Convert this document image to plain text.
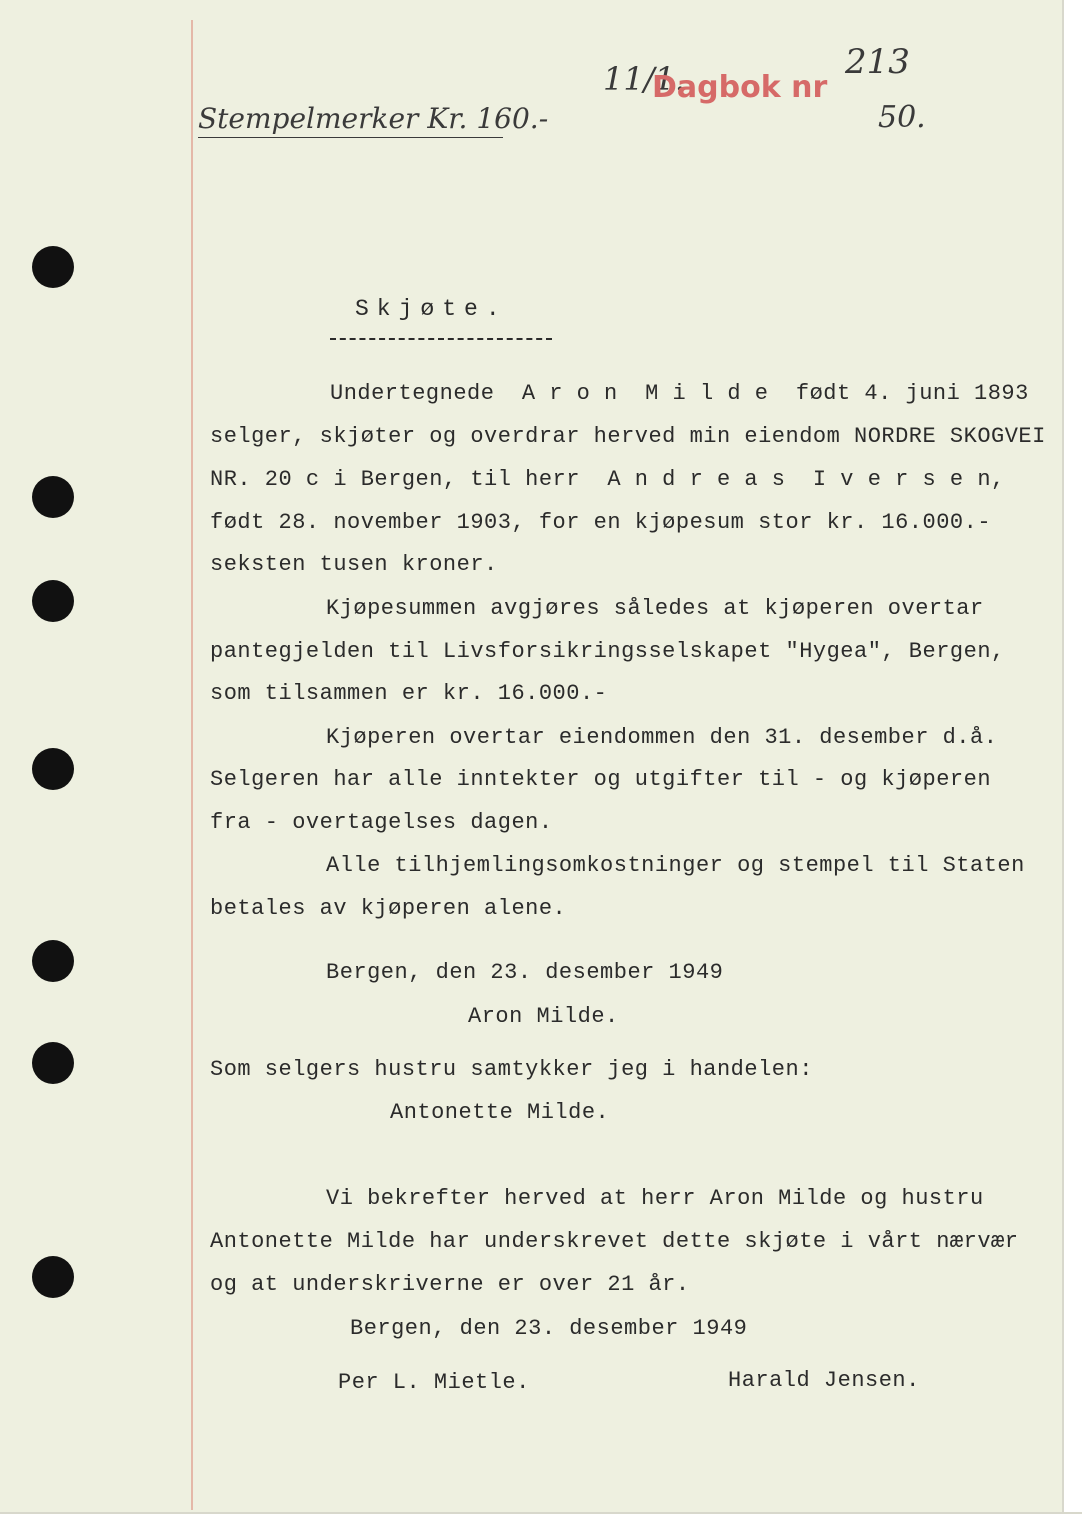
Stempelmerker Kr. 160.-
11/1.
Dagbok nr
213
50.
Skjøte.
Undertegnede  A r o n  M i l d e  født 4. juni 1893
selger, skjøter og overdrar herved min eiendom NORDRE SKOGVEI
NR. 20 c i Bergen, til herr  A n d r e a s  I v e r s e n,
født 28. november 1903, for en kjøpesum stor kr. 16.000.-
seksten tusen kroner.
Kjøpesummen avgjøres således at kjøperen overtar
pantegjelden til Livsforsikringsselskapet "Hygea", Bergen,
som tilsammen er kr. 16.000.-
Kjøperen overtar eiendommen den 31. desember d.å.
Selgeren har alle inntekter og utgifter til - og kjøperen
fra - overtagelses dagen.
Alle tilhjemlingsomkostninger og stempel til Staten
betales av kjøperen alene.
Bergen, den 23. desember 1949
Aron Milde.
Som selgers hustru samtykker jeg i handelen:
Antonette Milde.
Vi bekrefter herved at herr Aron Milde og hustru
Antonette Milde har underskrevet dette skjøte i vårt nærvær
og at underskriverne er over 21 år.
Bergen, den 23. desember 1949
Per L. Mietle.	Harald Jensen.
